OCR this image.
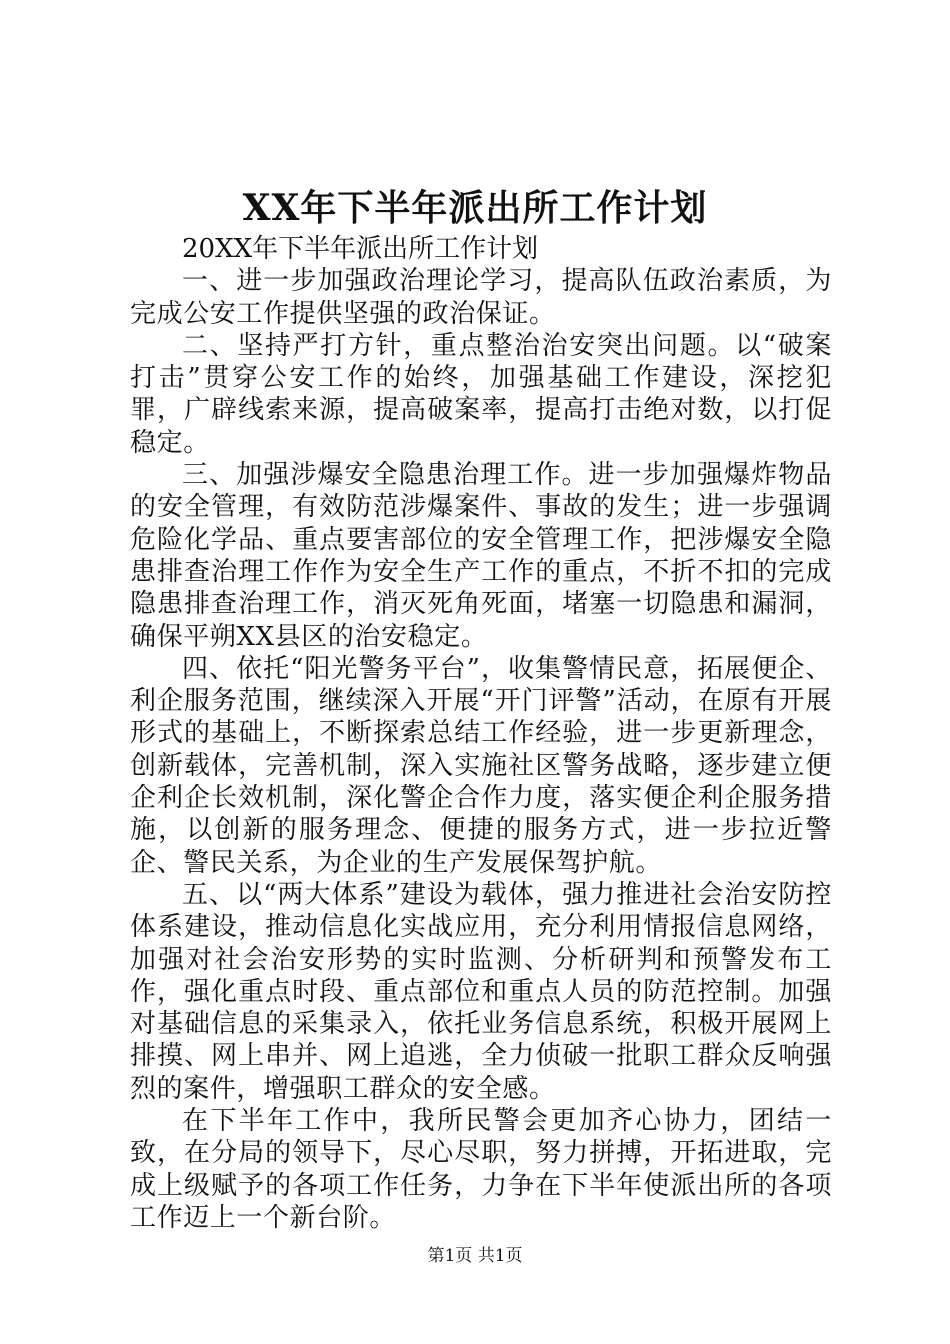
XX年下半年派出所工作计划

20XX年下半年派出所工作计划

一、进一步加强政治理论学习，提高队伍政治素质，为完成公安工作提供坚强的政治保证。

二、坚持严打方针，重点整治治安突出问题。以“破案打击”贯穿公安工作的始终，加强基础工作建设，深挖犯罪，广辟线索来源，提高破案率，提高打击绝对数，以打促稳定。

三、加强涉爆安全隐患治理工作。进一步加强爆炸物品的安全管理，有效防范涉爆案件、事故的发生；进一步强调危险化学品、重点要害部位的安全管理工作，把涉爆安全隐患排查治理工作作为安全生产工作的重点，不折不扣的完成隐患排查治理工作，消灭死角死面，堵塞一切隐患和漏洞，确保平朔XX县区的治安稳定。

四、依托“阳光警务平台”，收集警情民意，拓展便企、利企服务范围，继续深入开展“开门评警”活动，在原有开展形式的基础上，不断探索总结工作经验，进一步更新理念，创新载体，完善机制，深入实施社区警务战略，逐步建立便企利企长效机制，深化警企合作力度，落实便企利企服务措施，以创新的服务理念、便捷的服务方式，进一步拉近警企、警民关系，为企业的生产发展保驾护航。

五、以“两大体系”建设为载体，强力推进社会治安防控体系建设，推动信息化实战应用，充分利用情报信息网络，加强对社会治安形势的实时监测、分析研判和预警发布工作，强化重点时段、重点部位和重点人员的防范控制。加强对基础信息的采集录入，依托业务信息系统，积极开展网上排摸、网上串并、网上追逃，全力侦破一批职工群众反响强烈的案件，增强职工群众的安全感。

在下半年工作中，我所民警会更加齐心协力，团结一致，在分局的领导下，尽心尽职，努力拼搏，开拓进取，完成上级赋予的各项工作任务，力争在下半年使派出所的各项工作迈上一个新台阶。

第1页 共1页
